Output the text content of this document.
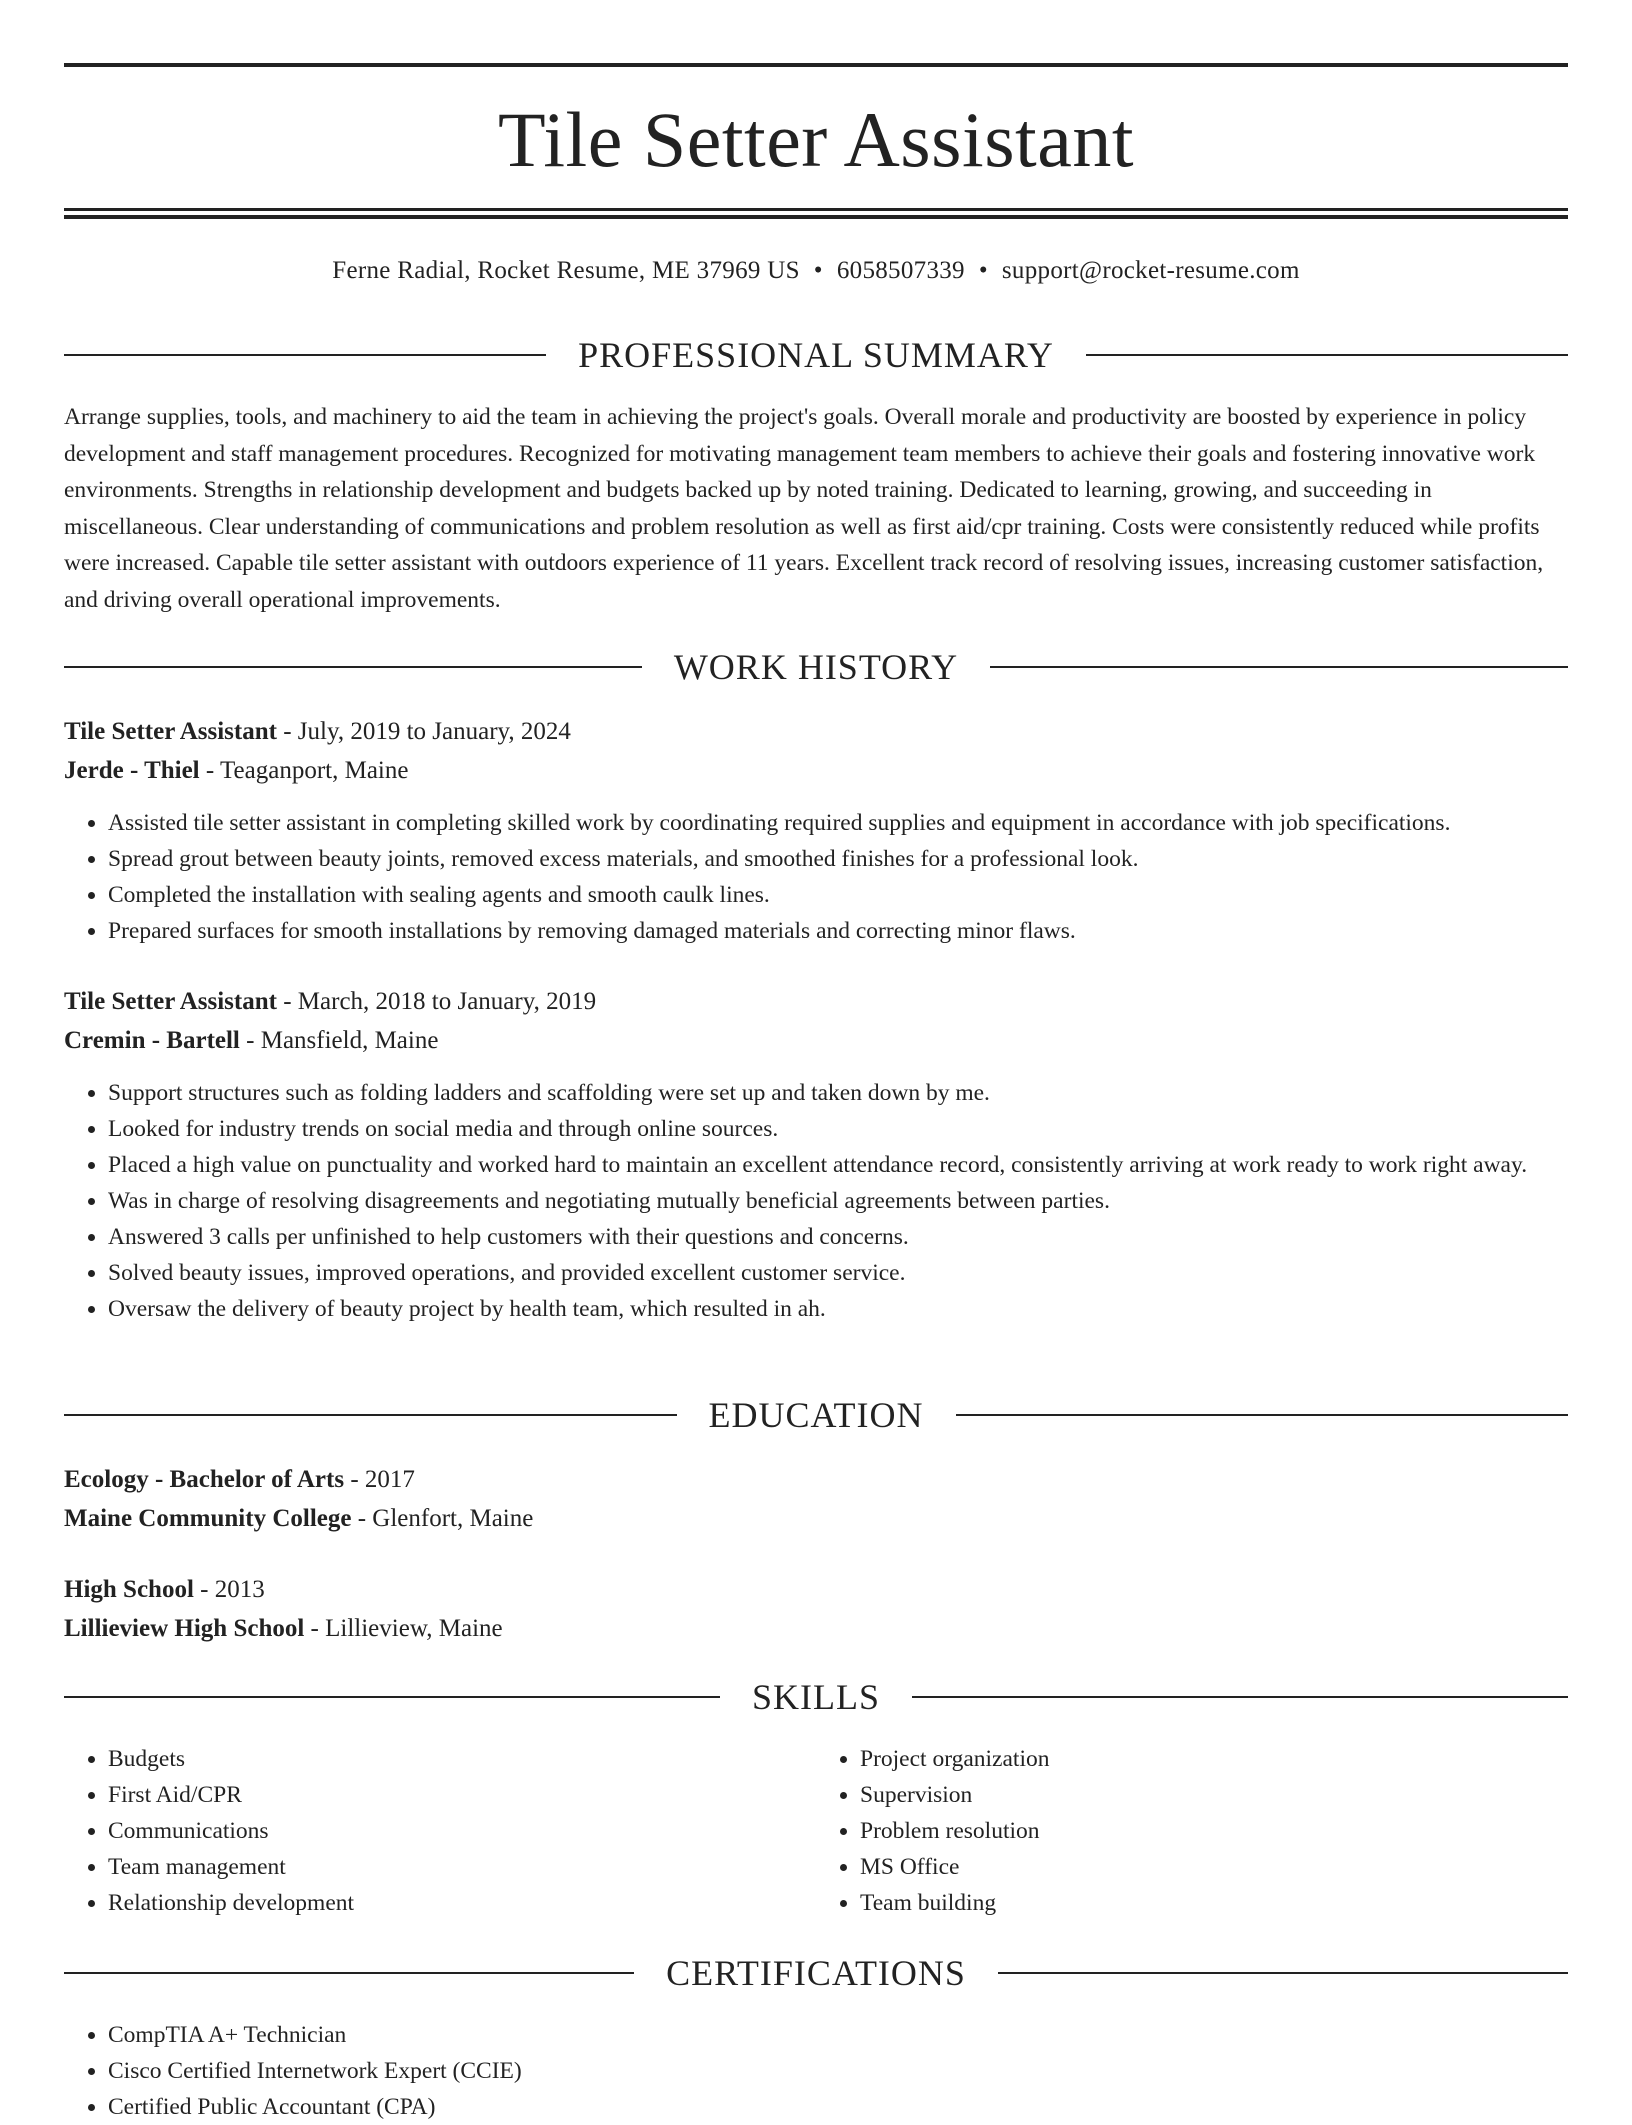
Tile Setter Assistant
Ferne Radial, Rocket Resume, ME 37969 US • 6058507339 • support@rocket-resume.com
PROFESSIONAL SUMMARY

Arrange supplies, tools, and machinery to aid the team in achieving the project's goals. Overall morale and productivity are boosted by experience in policy development and staff management procedures. Recognized for motivating management team members to achieve their goals and fostering innovative work environments. Strengths in relationship development and budgets backed up by noted training. Dedicated to learning, growing, and succeeding in miscellaneous. Clear understanding of communications and problem resolution as well as first aid/cpr training. Costs were consistently reduced while profits were increased. Capable tile setter assistant with outdoors experience of 11 years. Excellent track record of resolving issues, increasing customer satisfaction, and driving overall operational improvements.

WORK HISTORY
Tile Setter Assistant - July, 2019 to January, 2024
Jerde - Thiel - Teaganport, Maine
• Assisted tile setter assistant in completing skilled work by coordinating required supplies and equipment in accordance with job specifications.
• Spread grout between beauty joints, removed excess materials, and smoothed finishes for a professional look.
• Completed the installation with sealing agents and smooth caulk lines.
• Prepared surfaces for smooth installations by removing damaged materials and correcting minor flaws.
Tile Setter Assistant - March, 2018 to January, 2019
Cremin - Bartell - Mansfield, Maine
• Support structures such as folding ladders and scaffolding were set up and taken down by me.
• Looked for industry trends on social media and through online sources.
• Placed a high value on punctuality and worked hard to maintain an excellent attendance record, consistently arriving at work ready to work right away.
• Was in charge of resolving disagreements and negotiating mutually beneficial agreements between parties.
• Answered 3 calls per unfinished to help customers with their questions and concerns.
• Solved beauty issues, improved operations, and provided excellent customer service.
• Oversaw the delivery of beauty project by health team, which resulted in ah.
EDUCATION
Ecology - Bachelor of Arts - 2017
Maine Community College - Glenfort, Maine
High School - 2013
Lillieview High School - Lillieview, Maine
SKILLS
• Budgets
• First Aid/CPR
• Communications
• Team management
• Relationship development
• Project organization
• Supervision
• Problem resolution
• MS Office
• Team building
CERTIFICATIONS
• CompTIA A+ Technician
• Cisco Certified Internetwork Expert (CCIE)
• Certified Public Accountant (CPA)
